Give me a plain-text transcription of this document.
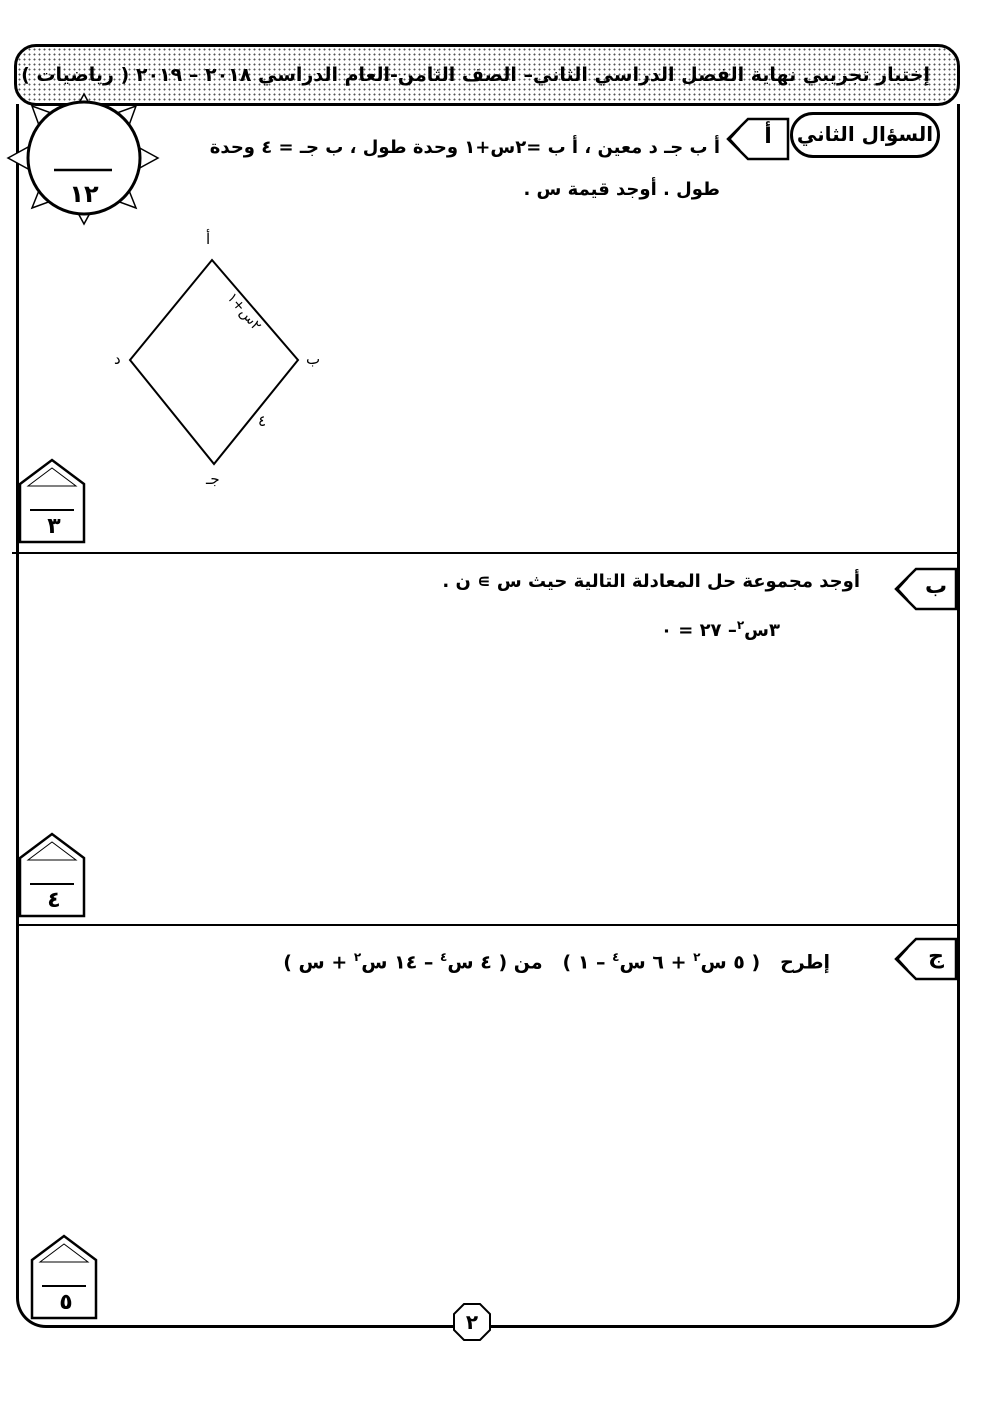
إختبار تجريبي نهاية الفصل الدراسي الثاني– الصف الثامن-العام الدراسي ٢٠١٨ – ٢٠١٩ ( رياضيات )
١٢
السؤال الثاني
أ
أ ب جـ د معين ، أ ب =٢س+١ وحدة طول ، ب جـ = ٤ وحدة
طول . أوجد قيمة س .
أ
ب
جـ
د
٢س+١
٤
٣
ب
أوجد مجموعة حل المعادلة التالية حيث س ∍ ن .
٣س$^٢$– ٢٧ = ٠
٤
ج
إطرح   ( ٥ س$^٢$ + ٦ س$^٤$ – ١ )   من ( ٤ س$^٤$ – ١٤ س$^٢$ + س )
٥
٢
